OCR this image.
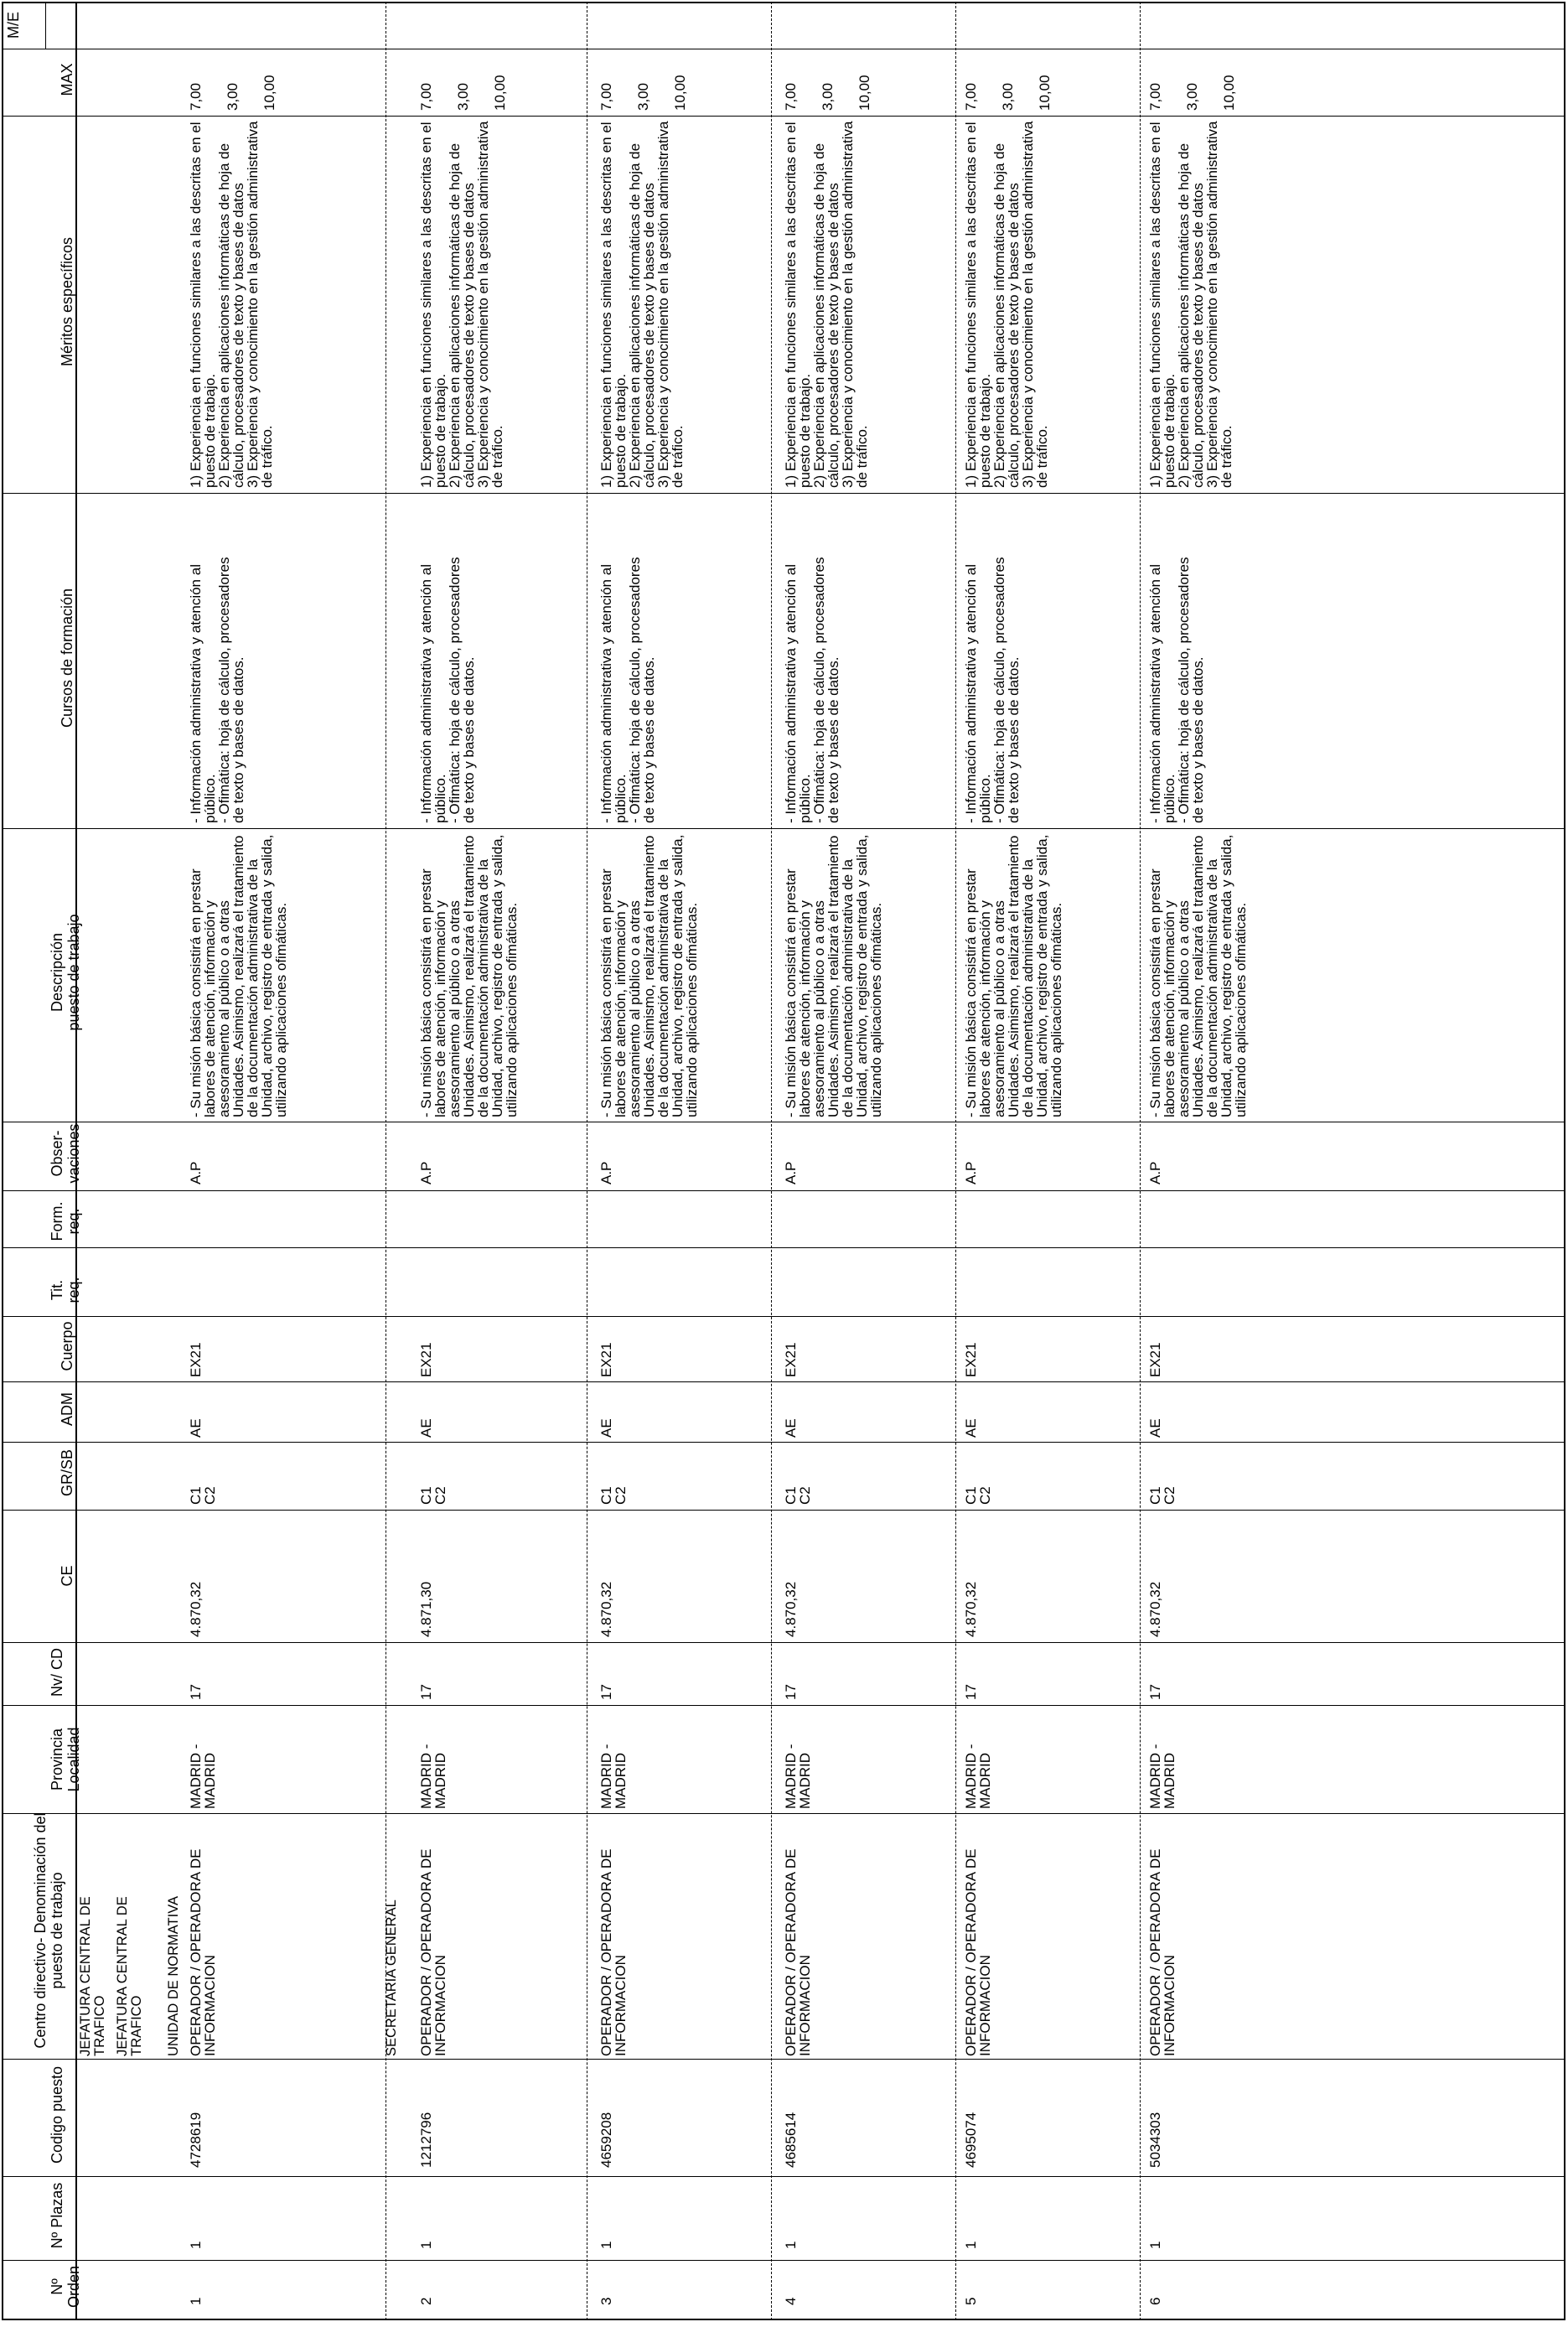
Nº Orden
Nº Plazas
Codigo puesto
Centro directivo- Denominación del puesto de trabajo
Provincia Localidad
Nv/ CD
CE
GR/SB
ADM
Cuerpo
Tit. req.
Form. req.
Obser- vaciones
Descripción puesto de trabajo
Cursos de formación
Méritos específicos
MAX
M/E
JEFATURA CENTRAL DE TRAFICO JEFATURA CENTRAL DE TRAFICO UNIDAD DE NORMATIVA	SECRETARIA GENERAL
1
1
4728619
OPERADOR / OPERADORA DE INFORMACION
MADRID - MADRID
17
4.870,32
C1
C2
AE
EX21
A.P
- Su misión básica consistirá en prestar labores de atención, información y asesoramiento al público o a otras Unidades. Asimismo, realizará el tratamiento de la documentación administrativa de la Unidad, archivo, registro de entrada y salida, utilizando aplicaciones ofimáticas.
- Información administrativa y atención al público.
- Ofimática: hoja de cálculo, procesadores de texto y bases de datos.
1) Experiencia en funciones similares a las descritas en el puesto de trabajo.
2) Experiencia en aplicaciones informáticas de hoja de cálculo, procesadores de texto y bases de datos
3) Experiencia y conocimiento en la gestión administrativa de tráfico.
7,00 3,00 10,00
2
1
1212796
OPERADOR / OPERADORA DE INFORMACION
MADRID - MADRID
17
4.871,30
C1
C2
AE
EX21
A.P
- Su misión básica consistirá en prestar labores de atención, información y asesoramiento al público o a otras Unidades. Asimismo, realizará el tratamiento de la documentación administrativa de la Unidad, archivo, registro de entrada y salida, utilizando aplicaciones ofimáticas.
- Información administrativa y atención al público.
- Ofimática: hoja de cálculo, procesadores de texto y bases de datos.
1) Experiencia en funciones similares a las descritas en el puesto de trabajo.
2) Experiencia en aplicaciones informáticas de hoja de cálculo, procesadores de texto y bases de datos
3) Experiencia y conocimiento en la gestión administrativa de tráfico.
7,00 3,00 10,00
3
1
4659208
OPERADOR / OPERADORA DE INFORMACION
MADRID - MADRID
17
4.870,32
C1
C2
AE
EX21
A.P
- Su misión básica consistirá en prestar labores de atención, información y asesoramiento al público o a otras Unidades. Asimismo, realizará el tratamiento de la documentación administrativa de la Unidad, archivo, registro de entrada y salida, utilizando aplicaciones ofimáticas.
- Información administrativa y atención al público.
- Ofimática: hoja de cálculo, procesadores de texto y bases de datos.
1) Experiencia en funciones similares a las descritas en el puesto de trabajo.
2) Experiencia en aplicaciones informáticas de hoja de cálculo, procesadores de texto y bases de datos
3) Experiencia y conocimiento en la gestión administrativa de tráfico.
7,00 3,00 10,00
4
1
4685614
OPERADOR / OPERADORA DE INFORMACION
MADRID - MADRID
17
4.870,32
C1
C2
AE
EX21
A.P
- Su misión básica consistirá en prestar labores de atención, información y asesoramiento al público o a otras Unidades. Asimismo, realizará el tratamiento de la documentación administrativa de la Unidad, archivo, registro de entrada y salida, utilizando aplicaciones ofimáticas.
- Información administrativa y atención al público.
- Ofimática: hoja de cálculo, procesadores de texto y bases de datos.
1) Experiencia en funciones similares a las descritas en el puesto de trabajo.
2) Experiencia en aplicaciones informáticas de hoja de cálculo, procesadores de texto y bases de datos
3) Experiencia y conocimiento en la gestión administrativa de tráfico.
7,00 3,00 10,00
5
1
4695074
OPERADOR / OPERADORA DE INFORMACION
MADRID - MADRID
17
4.870,32
C1
C2
AE
EX21
A.P
- Su misión básica consistirá en prestar labores de atención, información y asesoramiento al público o a otras Unidades. Asimismo, realizará el tratamiento de la documentación administrativa de la Unidad, archivo, registro de entrada y salida, utilizando aplicaciones ofimáticas.
- Información administrativa y atención al público.
- Ofimática: hoja de cálculo, procesadores de texto y bases de datos.
1) Experiencia en funciones similares a las descritas en el puesto de trabajo.
2) Experiencia en aplicaciones informáticas de hoja de cálculo, procesadores de texto y bases de datos
3) Experiencia y conocimiento en la gestión administrativa de tráfico.
7,00 3,00 10,00
6
1
5034303
OPERADOR / OPERADORA DE INFORMACION
MADRID - MADRID
17
4.870,32
C1
C2
AE
EX21
A.P
- Su misión básica consistirá en prestar labores de atención, información y asesoramiento al público o a otras Unidades. Asimismo, realizará el tratamiento de la documentación administrativa de la Unidad, archivo, registro de entrada y salida, utilizando aplicaciones ofimáticas.
- Información administrativa y atención al público.
- Ofimática: hoja de cálculo, procesadores de texto y bases de datos.
1) Experiencia en funciones similares a las descritas en el puesto de trabajo.
2) Experiencia en aplicaciones informáticas de hoja de cálculo, procesadores de texto y bases de datos
3) Experiencia y conocimiento en la gestión administrativa de tráfico.
7,00 3,00 10,00
